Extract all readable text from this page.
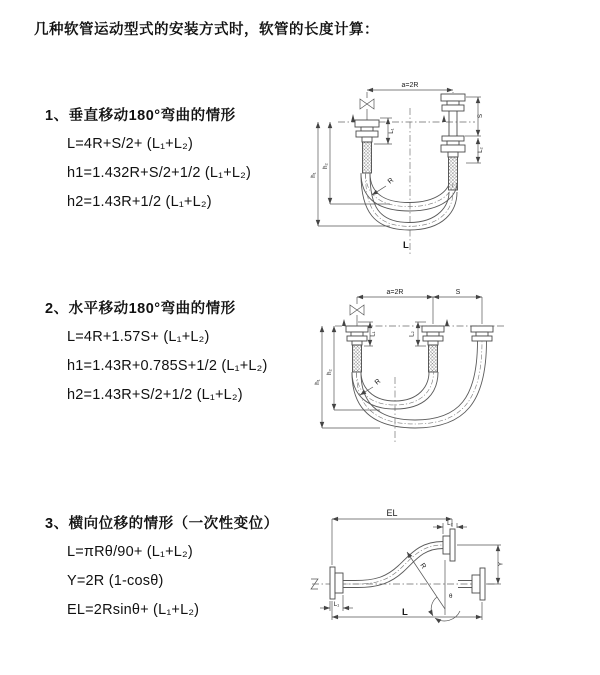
几种软管运动型式的安装方式时，软管的长度计算：
1、垂直移动180°弯曲的情形
L=4R+S/2+ (L₁+L₂)
h1=1.432R+S/2+1/2 (L₁+L₂)
h2=1.43R+1/2 (L₁+L₂)
a=2R
L₁
S
L₂
h₁
h₂
R
L
2、水平移动180°弯曲的情形
L=4R+1.57S+ (L₁+L₂)
h1=1.43R+0.785S+1/2 (L₁+L₂)
h2=1.43R+S/2+1/2 (L₁+L₂)
a=2R	S
L₁	L₂
h₁
h₂
R
3、横向位移的情形（一次性变位）
L=πRθ/90+ (L₁+L₂)
Y=2R (1-cosθ)
EL=2Rsinθ+ (L₁+L₂)
EL
L₂
Y
R
θ
L₁
L
